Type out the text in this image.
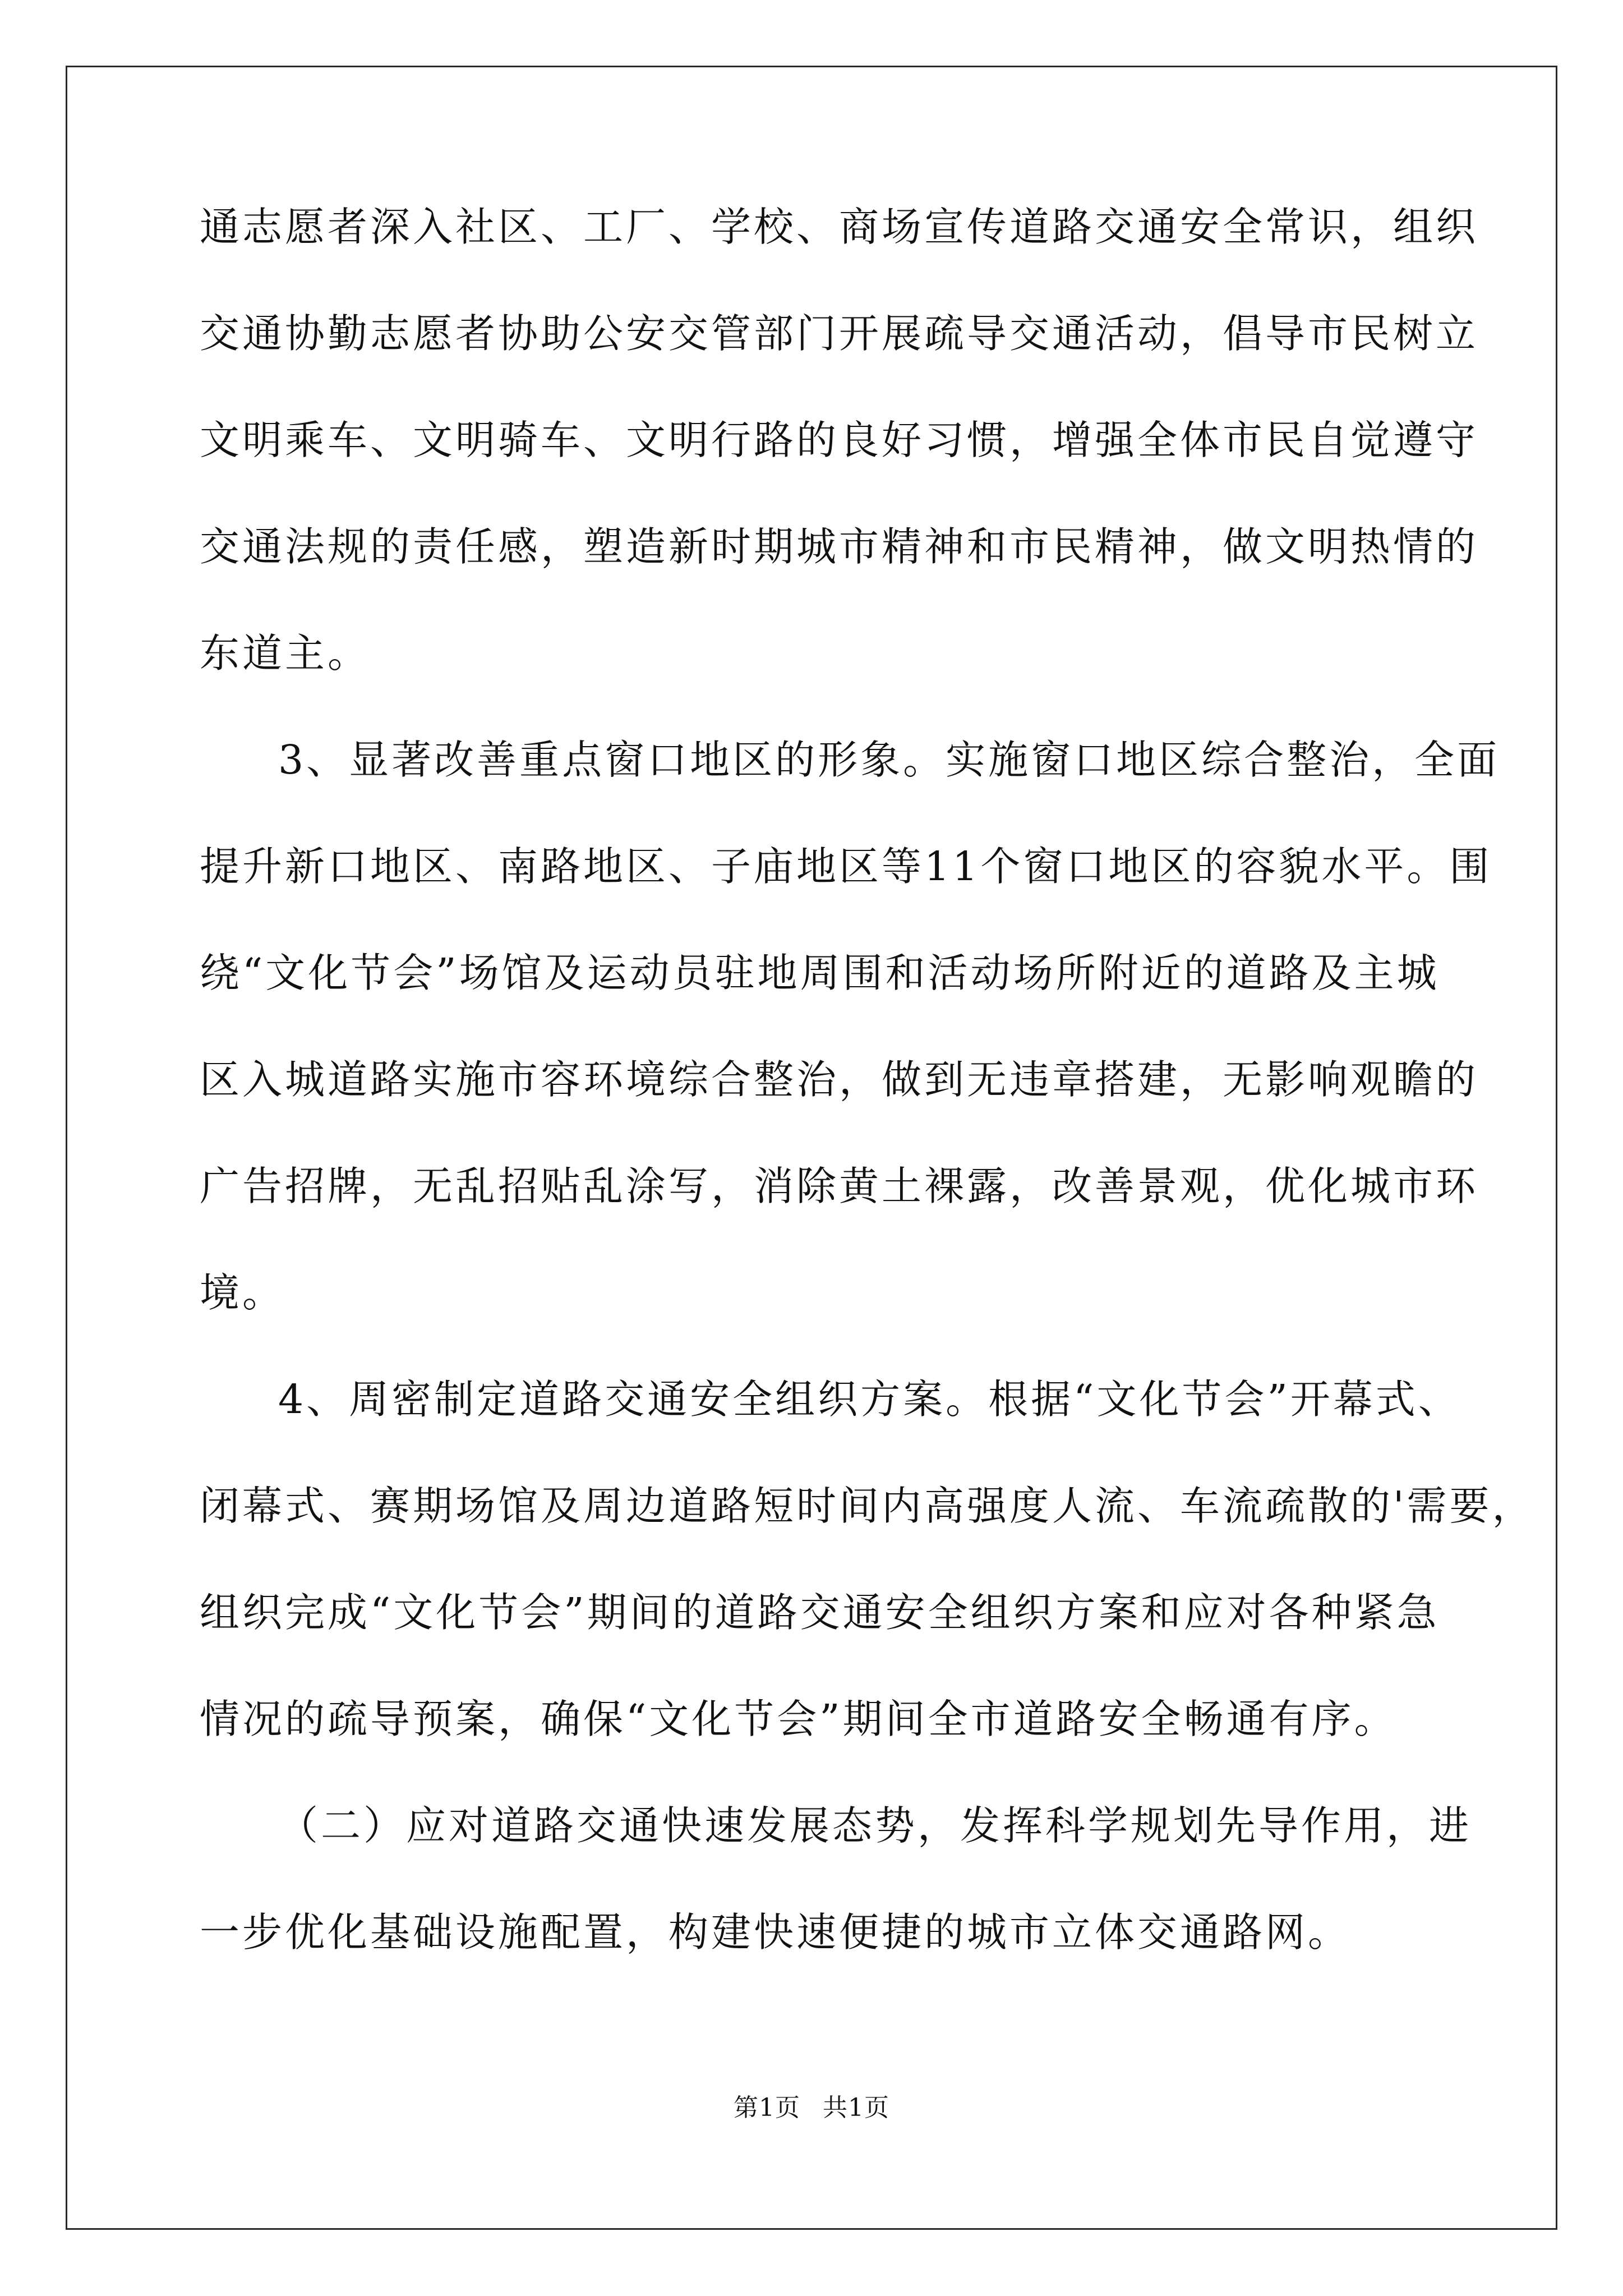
通志愿者深入社区、工厂、学校、商场宣传道路交通安全常识，组织
交通协勤志愿者协助公安交管部门开展疏导交通活动，倡导市民树立
文明乘车、文明骑车、文明行路的良好习惯，增强全体市民自觉遵守
交通法规的责任感，塑造新时期城市精神和市民精神，做文明热情的
东道主。
3、显著改善重点窗口地区的形象。实施窗口地区综合整治，全面
提升新口地区、南路地区、子庙地区等11个窗口地区的容貌水平。围
绕“文化节会”场馆及运动员驻地周围和活动场所附近的道路及主城
区入城道路实施市容环境综合整治，做到无违章搭建，无影响观瞻的
广告招牌，无乱招贴乱涂写，消除黄土裸露，改善景观，优化城市环
境。
4、周密制定道路交通安全组织方案。根据“文化节会”开幕式、
闭幕式、赛期场馆及周边道路短时间内高强度人流、车流疏散的'需要，
组织完成“文化节会”期间的道路交通安全组织方案和应对各种紧急
情况的疏导预案，确保“文化节会”期间全市道路安全畅通有序。
（二）应对道路交通快速发展态势，发挥科学规划先导作用，进
一步优化基础设施配置，构建快速便捷的城市立体交通路网。
第1页 共1页
